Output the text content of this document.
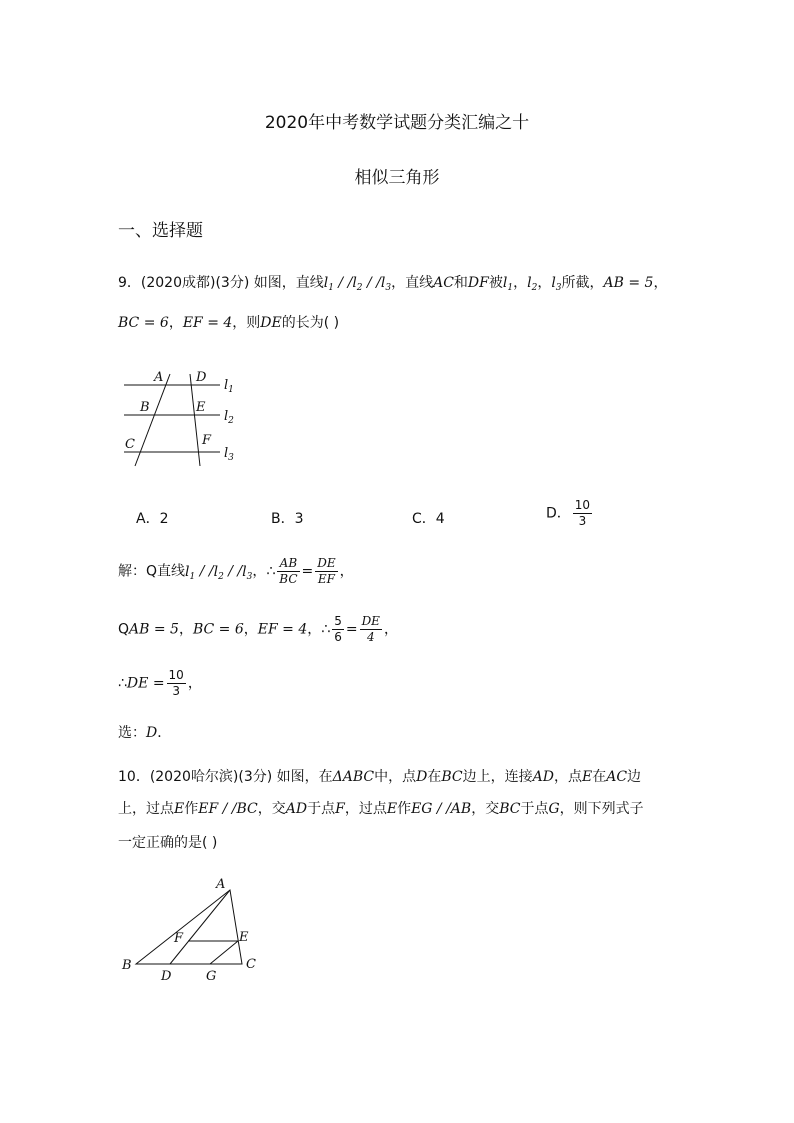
2020年中考数学试题分类汇编之十
相似三角形
一、选择题
9．(2020成都)(3分) 如图，直线$l_1 / /l_2 / /l_3$，直线AC和DF被$l_1$，$l_2$，$l_3$所截，AB = 5，
BC = 6，EF = 4，则DE的长为( )
A	D
B	E
C	F
$l_1$
$l_2$
$l_3$
A．2	B．3	C．4	D． $\frac{10}{3}$
解：Q直线$l_1 / /l_2 / /l_3$，∴ $\frac{AB}{BC} = \frac{DE}{EF}$ ，
QAB = 5，BC = 6，EF = 4，∴ $\frac{5}{6} = \frac{DE}{4}$ ，
∴DE = $\frac{10}{3}$ ，
选：D．
10．(2020哈尔滨)(3分) 如图，在ΔABC中，点D在BC边上，连接AD，点E在AC边
上，过点E作EF / /BC，交AD于点F，过点E作EG / /AB，交BC于点G，则下列式子
一定正确的是( )
A
B	C
D
E
F
G
